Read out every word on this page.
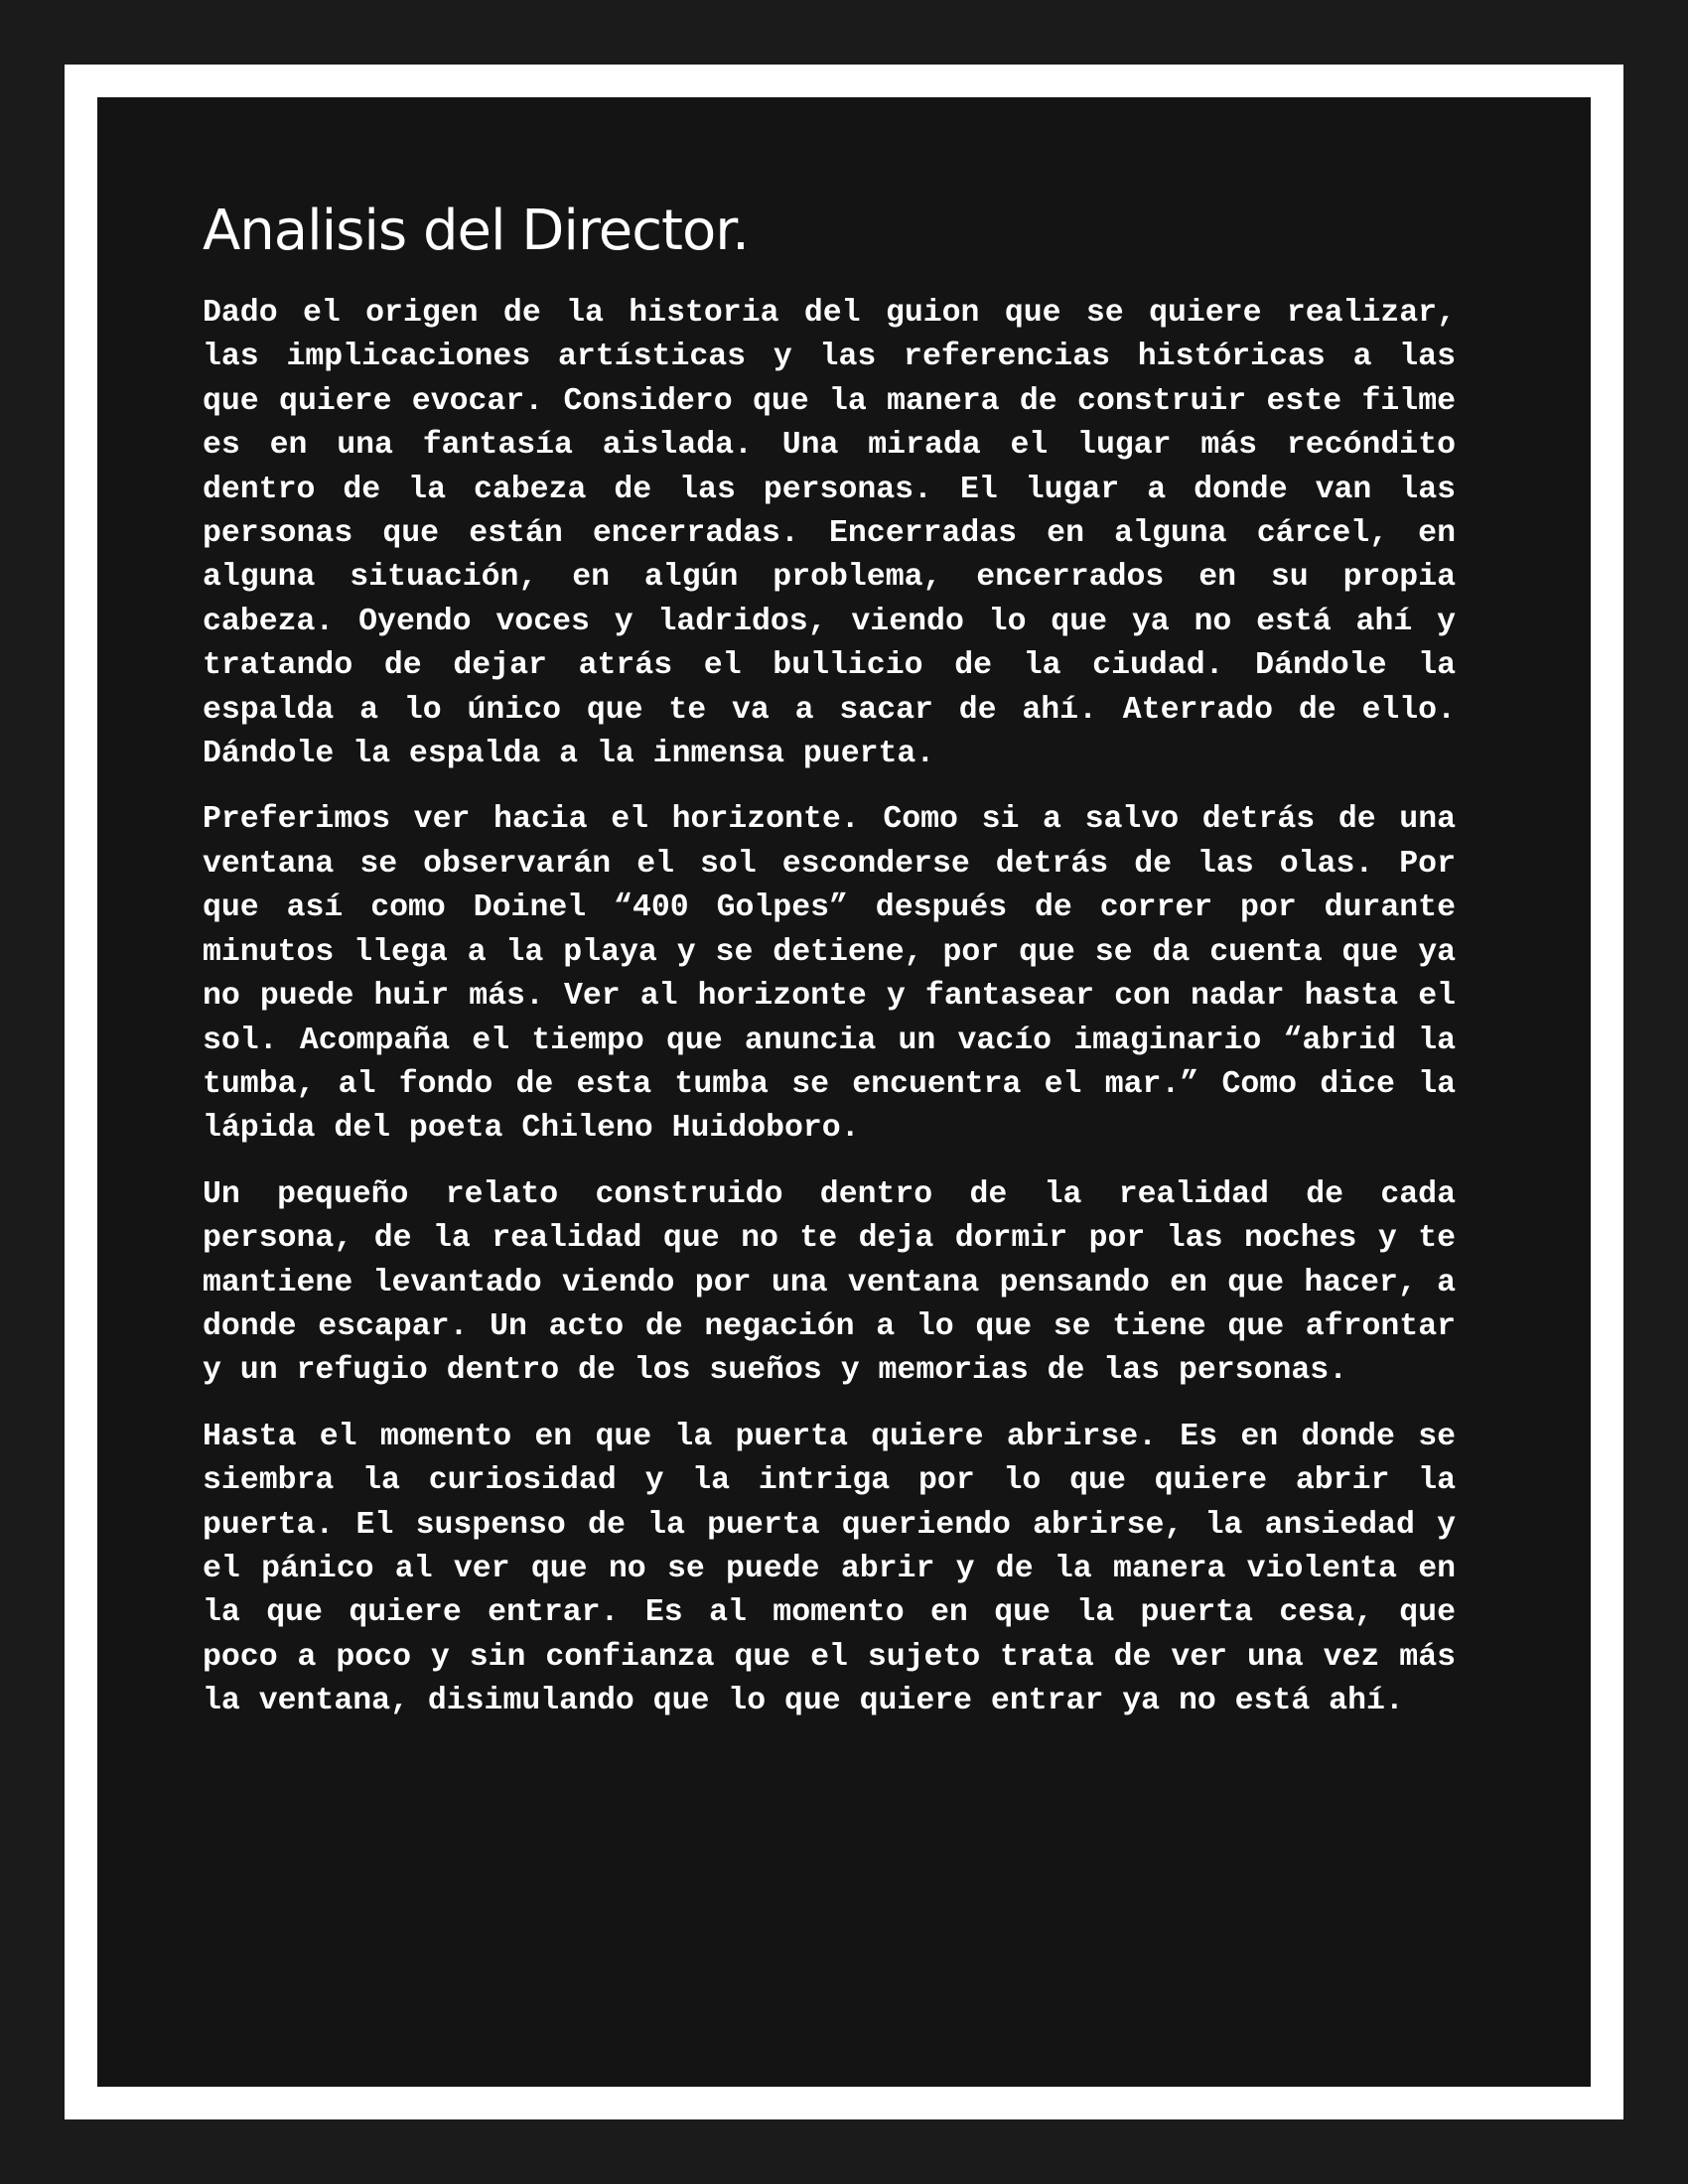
Analisis del Director.

Dado el origen de la historia del guion que se quiere realizar, las implicaciones artísticas y las referencias históricas a las que quiere evocar. Considero que la manera de construir este filme es en una fantasía aislada. Una mirada el lugar más recóndito dentro de la cabeza de las personas. El lugar a donde van las personas que están encerradas. Encerradas en alguna cárcel, en alguna situación, en algún problema, encerrados en su propia cabeza. Oyendo voces y ladridos, viendo lo que ya no está ahí y tratando de dejar atrás el bullicio de la ciudad. Dándole la espalda a lo único que te va a sacar de ahí. Aterrado de ello. Dándole la espalda a la inmensa puerta.

Preferimos ver hacia el horizonte. Como si a salvo detrás de una ventana se observarán el sol esconderse detrás de las olas. Por que así como Doinel “400 Golpes” después de correr por durante minutos llega a la playa y se detiene, por que se da cuenta que ya no puede huir más. Ver al horizonte y fantasear con nadar hasta el sol. Acompaña el tiempo que anuncia un vacío imaginario “abrid la tumba, al fondo de esta tumba se encuentra el mar.” Como dice la lápida del poeta Chileno Huidoboro.

Un pequeño relato construido dentro de la realidad de cada persona, de la realidad que no te deja dormir por las noches y te mantiene levantado viendo por una ventana pensando en que hacer, a donde escapar. Un acto de negación a lo que se tiene que afrontar y un refugio dentro de los sueños y memorias de las personas.

Hasta el momento en que la puerta quiere abrirse. Es en donde se siembra la curiosidad y la intriga por lo que quiere abrir la puerta. El suspenso de la puerta queriendo abrirse, la ansiedad y el pánico al ver que no se puede abrir y de la manera violenta en la que quiere entrar. Es al momento en que la puerta cesa, que poco a poco y sin confianza que el sujeto trata de ver una vez más la ventana, disimulando que lo que quiere entrar ya no está ahí.
